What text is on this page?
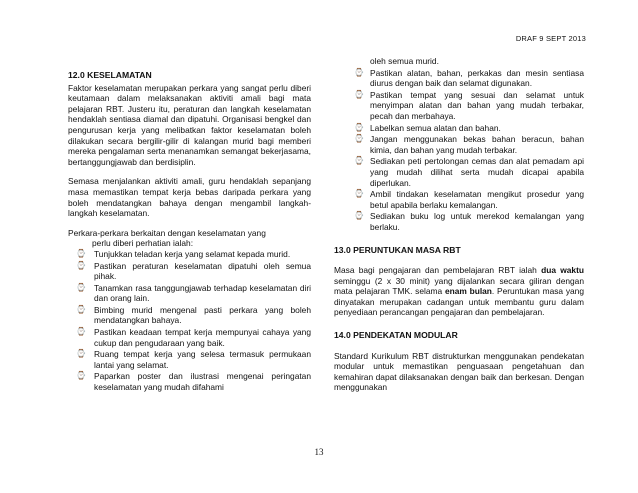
DRAF 9 SEPT 2013
12.0 KESELAMATAN

Faktor keselamatan merupakan perkara yang sangat perlu diberi keutamaan dalam melaksanakan aktiviti amali bagi mata pelajaran RBT. Justeru itu, peraturan dan langkah keselamatan hendaklah sentiasa diamal dan dipatuhi. Organisasi bengkel dan pengurusan kerja yang melibatkan faktor keselamatan boleh dilakukan secara bergilir-gilir di kalangan murid bagi memberi mereka pengalaman serta menanamkan semangat bekerjasama, bertanggungjawab dan berdisiplin.

Semasa menjalankan aktiviti amali, guru hendaklah sepanjang masa memastikan tempat kerja bebas daripada perkara yang boleh mendatangkan bahaya dengan mengambil langkah-langkah keselamatan.

Perkara-perkara berkaitan dengan keselamatan yang
perlu diberi perhatian ialah:

⌚ Tunjukkan teladan kerja yang selamat kepada murid.
⌚ Pastikan peraturan keselamatan dipatuhi oleh semua pihak.
⌚ Tanamkan rasa tanggungjawab terhadap keselamatan diri dan orang lain.
⌚ Bimbing murid mengenal pasti perkara yang boleh mendatangkan bahaya.
⌚ Pastikan keadaan tempat kerja mempunyai cahaya yang cukup dan pengudaraan yang baik.
⌚ Ruang tempat kerja yang selesa termasuk permukaan lantai yang selamat.
⌚ Paparkan poster dan ilustrasi mengenai peringatan keselamatan yang mudah difahami
oleh semua murid.
⌚ Pastikan alatan, bahan, perkakas dan mesin sentiasa diurus dengan baik dan selamat digunakan.
⌚ Pastikan tempat yang sesuai dan selamat untuk menyimpan alatan dan bahan yang mudah terbakar, pecah dan merbahaya.
⌚ Labelkan semua alatan dan bahan.
⌚ Jangan menggunakan bekas bahan beracun, bahan kimia, dan bahan yang mudah terbakar.
⌚ Sediakan peti pertolongan cemas dan alat pemadam api yang mudah dilihat serta mudah dicapai apabila diperlukan.
⌚ Ambil tindakan keselamatan mengikut prosedur yang betul apabila berlaku kemalangan.
⌚ Sediakan buku log untuk merekod kemalangan yang berlaku.
13.0 PERUNTUKAN MASA RBT

Masa bagi pengajaran dan pembelajaran RBT ialah dua waktu seminggu (2 x 30 minit) yang dijalankan secara giliran dengan mata pelajaran TMK. selama enam bulan. Peruntukan masa yang dinyatakan merupakan cadangan untuk membantu guru dalam penyediaan perancangan pengajaran dan pembelajaran.

14.0 PENDEKATAN MODULAR

Standard Kurikulum RBT distrukturkan menggunakan pendekatan modular untuk memastikan penguasaan pengetahuan dan kemahiran dapat dilaksanakan dengan baik dan berkesan. Dengan menggunakan

13
